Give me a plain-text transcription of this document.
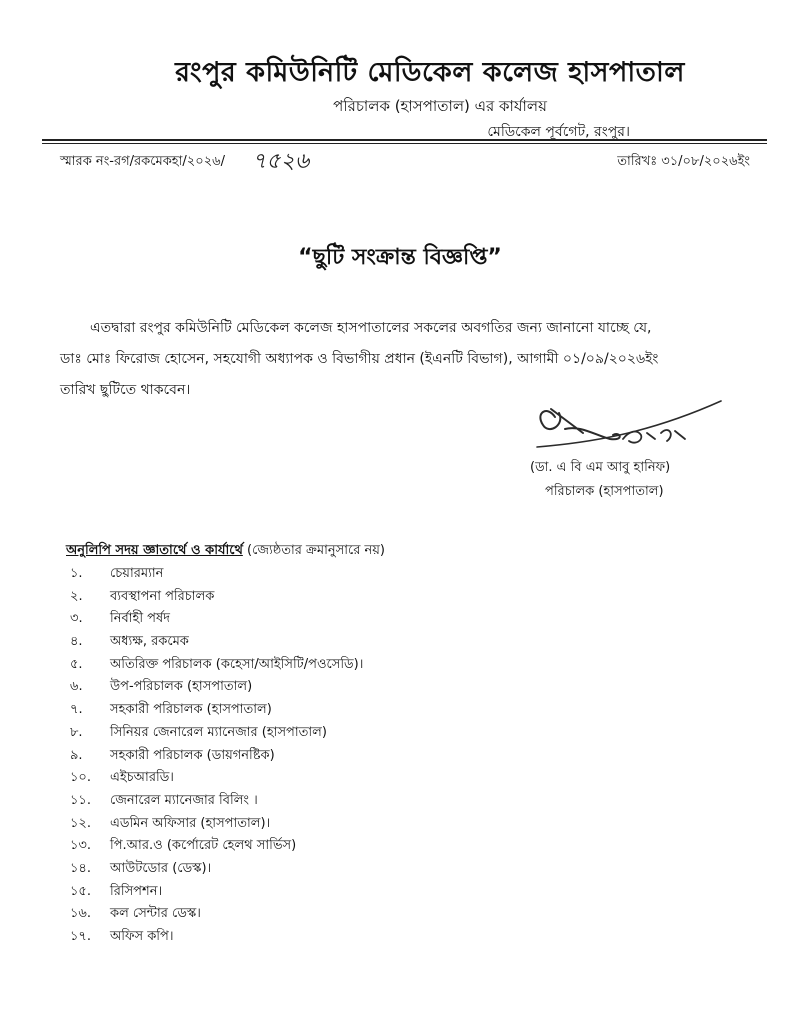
রংপুর কমিউনিটি মেডিকেল কলেজ হাসপাতাল
পরিচালক (হাসপাতাল) এর কার্যালয়
মেডিকেল পূর্বগেট, রংপুর।
স্মারক নং-রগ/রকমেকহা/২০২৬/ ৭৫২৬	তারিখঃ ৩১/০৮/২০২৬ইং
“ছুটি সংক্রান্ত বিজ্ঞপ্তি”
এতদ্বারা রংপুর কমিউনিটি মেডিকেল কলেজ হাসপাতালের সকলের অবগতির জন্য জানানো যাচ্ছে যে,
ডাঃ মোঃ ফিরোজ হোসেন, সহযোগী অধ্যাপক ও বিভাগীয় প্রধান (ইএনটি বিভাগ), আগামী ০১/০৯/২০২৬ইং
তারিখ ছুটিতে থাকবেন।
(ডা. এ বি এম আবু হানিফ)
পরিচালক (হাসপাতাল)
অনুলিপি সদয় জ্ঞাতার্থে ও কার্যার্থে (জ্যেষ্ঠতার ক্রমানুসারে নয়)
১. চেয়ারম্যান
২. ব্যবস্থাপনা পরিচালক
৩. নির্বাহী পর্ষদ
৪. অধ্যক্ষ, রকমেক
৫. অতিরিক্ত পরিচালক (কহেসা/আইসিটি/পওসেডি)।
৬. উপ-পরিচালক (হাসপাতাল)
৭. সহকারী পরিচালক (হাসপাতাল)
৮. সিনিয়র জেনারেল ম্যানেজার (হাসপাতাল)
৯. সহকারী পরিচালক (ডায়গনষ্টিক)
১০. এইচআরডি।
১১. জেনারেল ম্যানেজার বিলিং ।
১২. এডমিন অফিসার (হাসপাতাল)।
১৩. পি.আর.ও (কর্পোরেট হেলথ সার্ভিস)
১৪. আউটডোর (ডেস্ক)।
১৫. রিসিপশন।
১৬. কল সেন্টার ডেস্ক।
১৭. অফিস কপি।
